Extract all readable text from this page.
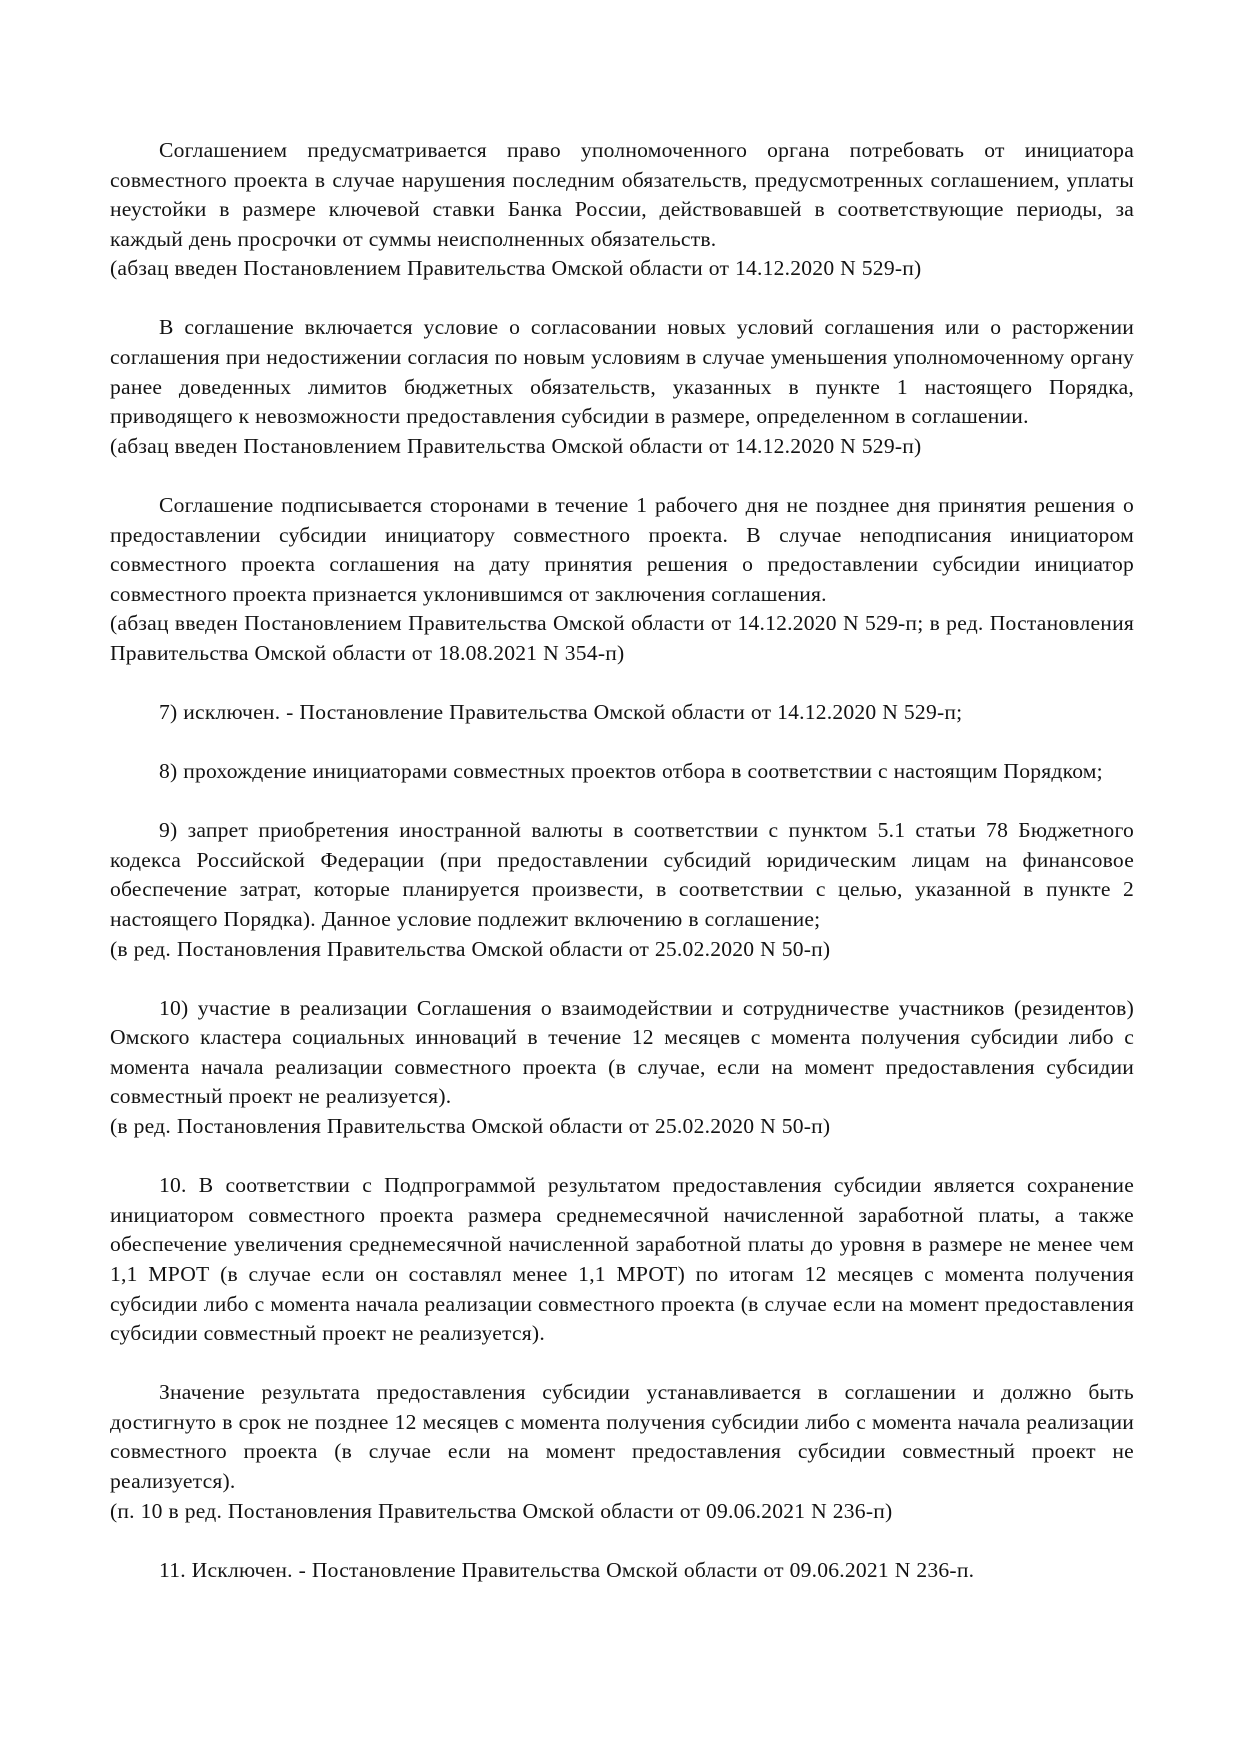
Соглашением предусматривается право уполномоченного органа потребовать от инициатора совместного проекта в случае нарушения последним обязательств, предусмотренных соглашением, уплаты неустойки в размере ключевой ставки Банка России, действовавшей в соответствующие периоды, за каждый день просрочки от суммы неисполненных обязательств.

(абзац введен Постановлением Правительства Омской области от 14.12.2020 N 529-п)

В соглашение включается условие о согласовании новых условий соглашения или о расторжении соглашения при недостижении согласия по новым условиям в случае уменьшения уполномоченному органу ранее доведенных лимитов бюджетных обязательств, указанных в пункте 1 настоящего Порядка, приводящего к невозможности предоставления субсидии в размере, определенном в соглашении.

(абзац введен Постановлением Правительства Омской области от 14.12.2020 N 529-п)

Соглашение подписывается сторонами в течение 1 рабочего дня не позднее дня принятия решения о предоставлении субсидии инициатору совместного проекта. В случае неподписания инициатором совместного проекта соглашения на дату принятия решения о предоставлении субсидии инициатор совместного проекта признается уклонившимся от заключения соглашения.

(абзац введен Постановлением Правительства Омской области от 14.12.2020 N 529-п; в ред. Постановления Правительства Омской области от 18.08.2021 N 354-п)

7) исключен. - Постановление Правительства Омской области от 14.12.2020 N 529-п;

8) прохождение инициаторами совместных проектов отбора в соответствии с настоящим Порядком;

9) запрет приобретения иностранной валюты в соответствии с пунктом 5.1 статьи 78 Бюджетного кодекса Российской Федерации (при предоставлении субсидий юридическим лицам на финансовое обеспечение затрат, которые планируется произвести, в соответствии с целью, указанной в пункте 2 настоящего Порядка). Данное условие подлежит включению в соглашение;

(в ред. Постановления Правительства Омской области от 25.02.2020 N 50-п)

10) участие в реализации Соглашения о взаимодействии и сотрудничестве участников (резидентов) Омского кластера социальных инноваций в течение 12 месяцев с момента получения субсидии либо с момента начала реализации совместного проекта (в случае, если на момент предоставления субсидии совместный проект не реализуется).

(в ред. Постановления Правительства Омской области от 25.02.2020 N 50-п)

10. В соответствии с Подпрограммой результатом предоставления субсидии является сохранение инициатором совместного проекта размера среднемесячной начисленной заработной платы, а также обеспечение увеличения среднемесячной начисленной заработной платы до уровня в размере не менее чем 1,1 МРОТ (в случае если он составлял менее 1,1 МРОТ) по итогам 12 месяцев с момента получения субсидии либо с момента начала реализации совместного проекта (в случае если на момент предоставления субсидии совместный проект не реализуется).

Значение результата предоставления субсидии устанавливается в соглашении и должно быть достигнуто в срок не позднее 12 месяцев с момента получения субсидии либо с момента начала реализации совместного проекта (в случае если на момент предоставления субсидии совместный проект не реализуется).

(п. 10 в ред. Постановления Правительства Омской области от 09.06.2021 N 236-п)

11. Исключен. - Постановление Правительства Омской области от 09.06.2021 N 236-п.
